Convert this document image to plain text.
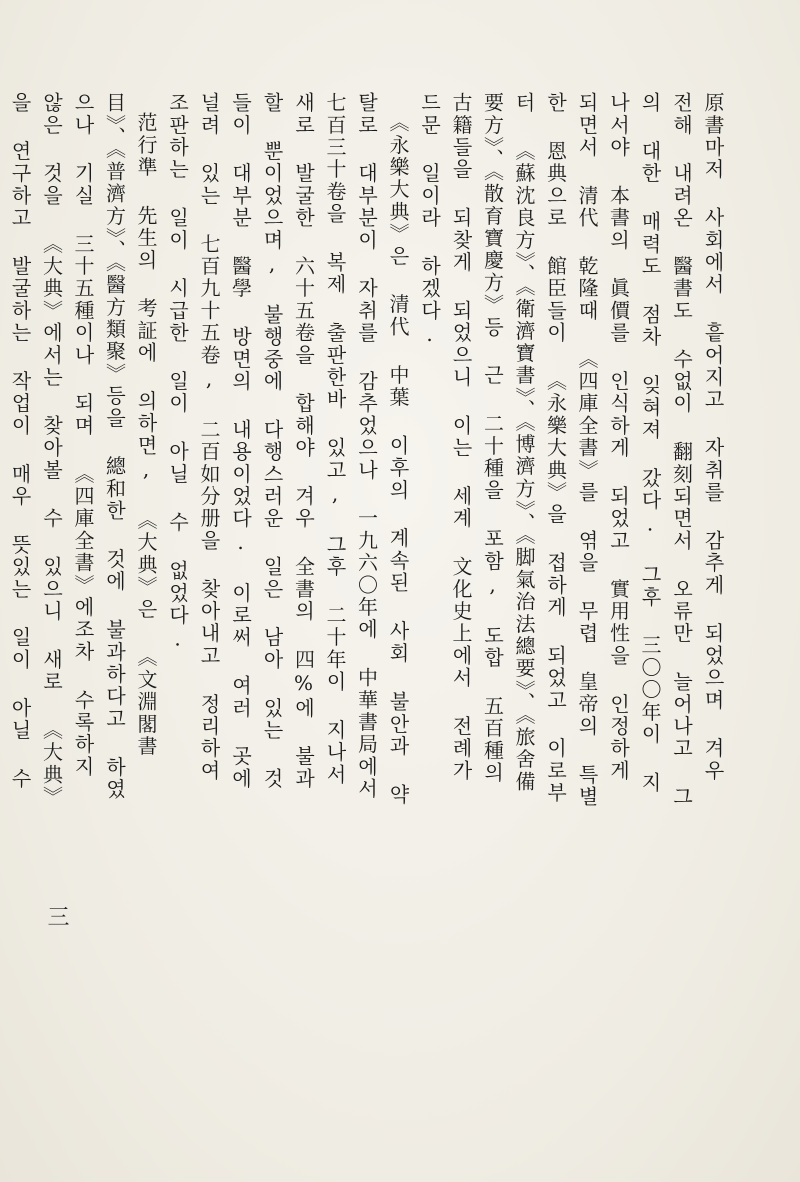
原書마저 사회에서 흩어지고 자취를 감추게 되었으며 겨우 전해 내려온 醫書도 수없이 翻刻되면서 오류만 늘어나고 그의 대한 매력도 점차 잊혀져 갔다. 그후 三〇〇年이 지나서야 本書의 眞價를 인식하게 되었고 實用性을 인정하게 되면서 清代 乾隆때 《四庫全書》를 엮을 무렵 皇帝의 특별한 恩典으로 館臣들이 《永樂大典》을 접하게 되었고 이로부터 《蘇沈良方》、《衛濟寶書》、《博濟方》、《脚氣治法總要》、《旅舍備要方》、《散育寶慶方》등 근 二十種을 포함, 도합 五百種의 古籍들을 되찾게 되었으니 이는 세계 文化史上에서 전례가 드문 일이라 하겠다.

《永樂大典》은 清代 中葉 이후의 계속된 사회 불안과 약탈로 대부분이 자취를 감추었으나 一九六〇年에 中華書局에서 七百三十卷을 복제 출판한바 있고, 그후 二十年이 지나서 새로 발굴한 六十五卷을 합해야 겨우 全書의 四%에 불과할 뿐이었으며, 불행중에 다행스러운 일은 남아 있는 것들이 대부분 醫學 방면의 내용이었다. 이로써 여러 곳에 널려 있는 七百九十五卷, 二百如分册을 찾아내고 정리하여 조판하는 일이 시급한 일이 아닐 수 없었다.

范行準 先生의 考証에 의하면, 《大典》은 《文淵閣書目》、《普濟方》、《醫方類聚》등을 總和한 것에 불과하다고 하였으나 기실 三十五種이나 되며 《四庫全書》에조차 수록하지 않은 것을 《大典》에서는 찾아볼 수 있으니 새로 《大典》을 연구하고 발굴하는 작업이 매우 뜻있는 일이 아닐 수

三
